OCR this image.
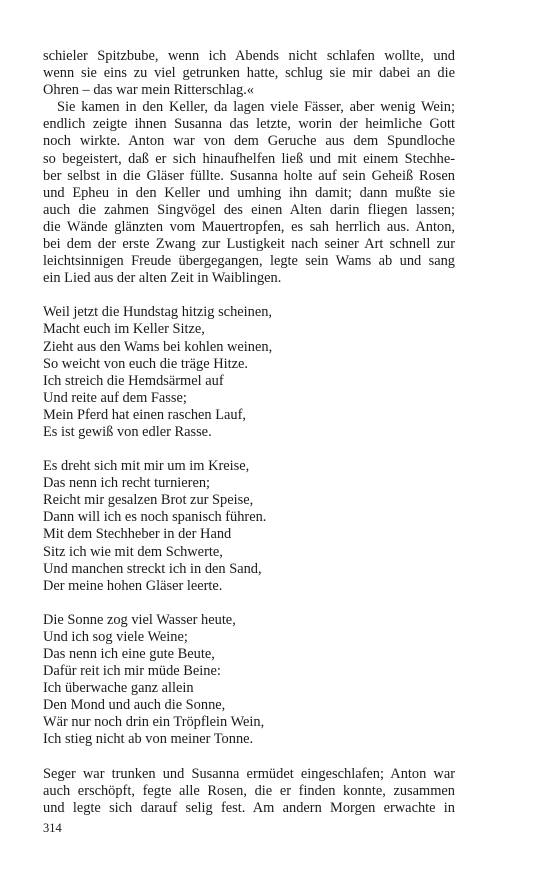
schieler Spitzbube, wenn ich Abends nicht schlafen wollte, und
wenn sie eins zu viel getrunken hatte, schlug sie mir dabei an die
Ohren – das war mein Ritterschlag.«
Sie kamen in den Keller, da lagen viele Fässer, aber wenig Wein;
endlich zeigte ihnen Susanna das letzte, worin der heimliche Gott
noch wirkte. Anton war von dem Geruche aus dem Spundloche
so begeistert, daß er sich hinaufhelfen ließ und mit einem Stechhe-
ber selbst in die Gläser füllte. Susanna holte auf sein Geheiß Rosen
und Epheu in den Keller und umhing ihn damit; dann mußte sie
auch die zahmen Singvögel des einen Alten darin fliegen lassen;
die Wände glänzten vom Mauertropfen, es sah herrlich aus. Anton,
bei dem der erste Zwang zur Lustigkeit nach seiner Art schnell zur
leichtsinnigen Freude übergegangen, legte sein Wams ab und sang
ein Lied aus der alten Zeit in Waiblingen.
Weil jetzt die Hundstag hitzig scheinen,
Macht euch im Keller Sitze,
Zieht aus den Wams bei kohlen weinen,
So weicht von euch die träge Hitze.
Ich streich die Hemdsärmel auf
Und reite auf dem Fasse;
Mein Pferd hat einen raschen Lauf,
Es ist gewiß von edler Rasse.
Es dreht sich mit mir um im Kreise,
Das nenn ich recht turnieren;
Reicht mir gesalzen Brot zur Speise,
Dann will ich es noch spanisch führen.
Mit dem Stechheber in der Hand
Sitz ich wie mit dem Schwerte,
Und manchen streckt ich in den Sand,
Der meine hohen Gläser leerte.
Die Sonne zog viel Wasser heute,
Und ich sog viele Weine;
Das nenn ich eine gute Beute,
Dafür reit ich mir müde Beine:
Ich überwache ganz allein
Den Mond und auch die Sonne,
Wär nur noch drin ein Tröpflein Wein,
Ich stieg nicht ab von meiner Tonne.
Seger war trunken und Susanna ermüdet eingeschlafen; Anton war
auch erschöpft, fegte alle Rosen, die er finden konnte, zusammen
und legte sich darauf selig fest. Am andern Morgen erwachte in
314
